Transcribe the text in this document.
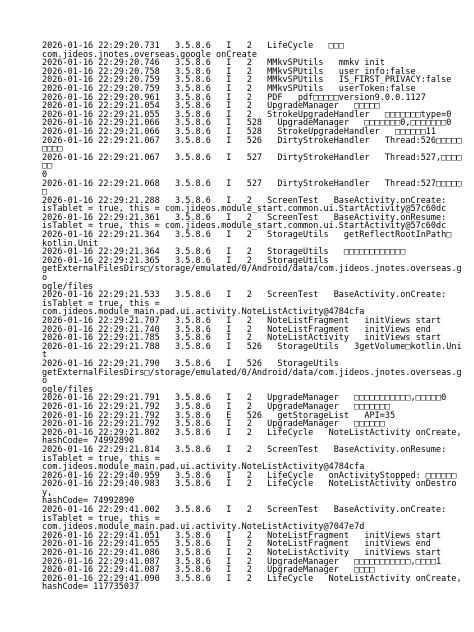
2026-01-16 22:29:20.731   3.5.8.6   I   2   LifeCycle   □□□

com.jideos.jnotes.overseas.google onCreate

2026-01-16 22:29:20.746   3.5.8.6   I   2   MMkvSPUtils   mmkv init

2026-01-16 22:29:20.758   3.5.8.6   I   2   MMkvSPUtils   user_info:false

2026-01-16 22:29:20.759   3.5.8.6   I   2   MMkvSPUtils   IS_FIRST_PRIVACY:false

2026-01-16 22:29:20.759   3.5.8.6   I   2   MMkvSPUtils   userToken:false

2026-01-16 22:29:20.961   3.5.8.6   I   2   PDF   pdf□□□□□version9.0.0.1127

2026-01-16 22:29:21.054   3.5.8.6   I   2   UpgradeManager   □□□□□

2026-01-16 22:29:21.055   3.5.8.6   I   2   StrokeUpgradeHandler   □□□□□□□type=0

2026-01-16 22:29:21.066   3.5.8.6   I   528   UpgradeManager   □□□□□□□0,□□□□□□□0

2026-01-16 22:29:21.066   3.5.8.6   I   528   StrokeUpgradeHandler   □□□□□□11

2026-01-16 22:29:21.067   3.5.8.6   I   526   DirtyStrokeHandler   Thread:526□□□□□

□□□□

2026-01-16 22:29:21.067   3.5.8.6   I   527   DirtyStrokeHandler   Thread:527,□□□□□□

0

2026-01-16 22:29:21.068   3.5.8.6   I   527   DirtyStrokeHandler   Thread:527□□□□□

□

2026-01-16 22:29:21.288   3.5.8.6   I   2   ScreenTest   BaseActivity.onCreate:

isTablet = true, this = com.jideos.module_start.common.ui.StartActivity@57c60dc

2026-01-16 22:29:21.361   3.5.8.6   I   2   ScreenTest   BaseActivity.onResume:

isTablet = true, this = com.jideos.module_start.common.ui.StartActivity@57c60dc

2026-01-16 22:29:21.364   3.5.8.6   I   2   StorageUtils   getReflectRootInPath□

kotlin.Unit

2026-01-16 22:29:21.364   3.5.8.6   I   2   StorageUtils   □□□□□□□□□□□□

2026-01-16 22:29:21.365   3.5.8.6   I   2   StorageUtils

getExternalFilesDirs□/storage/emulated/0/Android/data/com.jideos.jnotes.overseas.go

ogle/files

2026-01-16 22:29:21.533   3.5.8.6   I   2   ScreenTest   BaseActivity.onCreate:

isTablet = true, this =

com.jideos.module_main.pad.ui.activity.NoteListActivity@4784cfa

2026-01-16 22:29:21.707   3.5.8.6   I   2   NoteListFragment   initViews start

2026-01-16 22:29:21.740   3.5.8.6   I   2   NoteListFragment   initViews end

2026-01-16 22:29:21.785   3.5.8.6   I   2   NoteListActivity   initViews start

2026-01-16 22:29:21.788   3.5.8.6   I   526   StorageUtils   3getVolume□kotlin.Unit

2026-01-16 22:29:21.790   3.5.8.6   I   526   StorageUtils

getExternalFilesDirs□/storage/emulated/0/Android/data/com.jideos.jnotes.overseas.go

ogle/files

2026-01-16 22:29:21.791   3.5.8.6   I   2   UpgradeManager   □□□□□□□□□□□,□□□□□0

2026-01-16 22:29:21.792   3.5.8.6   I   2   UpgradeManager   □□□□□□□

2026-01-16 22:29:21.792   3.5.8.6   E   526   getStorageList   API=35

2026-01-16 22:29:21.792   3.5.8.6   I   2   UpgradeManager   □□□□□□

2026-01-16 22:29:21.802   3.5.8.6   I   2   LifeCycle   NoteListActivity onCreate,

hashCode= 74992890

2026-01-16 22:29:21.814   3.5.8.6   I   2   ScreenTest   BaseActivity.onResume:

isTablet = true, this =

com.jideos.module_main.pad.ui.activity.NoteListActivity@4784cfa

2026-01-16 22:29:40.959   3.5.8.6   I   2   LifeCycle   onActivityStopped: □□□□□□

2026-01-16 22:29:40.983   3.5.8.6   I   2   LifeCycle   NoteListActivity onDestroy,

hashCode= 74992890

2026-01-16 22:29:41.002   3.5.8.6   I   2   ScreenTest   BaseActivity.onCreate:

isTablet = true, this =

com.jideos.module_main.pad.ui.activity.NoteListActivity@7047e7d

2026-01-16 22:29:41.051   3.5.8.6   I   2   NoteListFragment   initViews start

2026-01-16 22:29:41.055   3.5.8.6   I   2   NoteListFragment   initViews end

2026-01-16 22:29:41.086   3.5.8.6   I   2   NoteListActivity   initViews start

2026-01-16 22:29:41.087   3.5.8.6   I   2   UpgradeManager   □□□□□□□□□□□,□□□□1

2026-01-16 22:29:41.087   3.5.8.6   I   2   UpgradeManager   □□□□

2026-01-16 22:29:41.090   3.5.8.6   I   2   LifeCycle   NoteListActivity onCreate,

hashCode= 117735037
